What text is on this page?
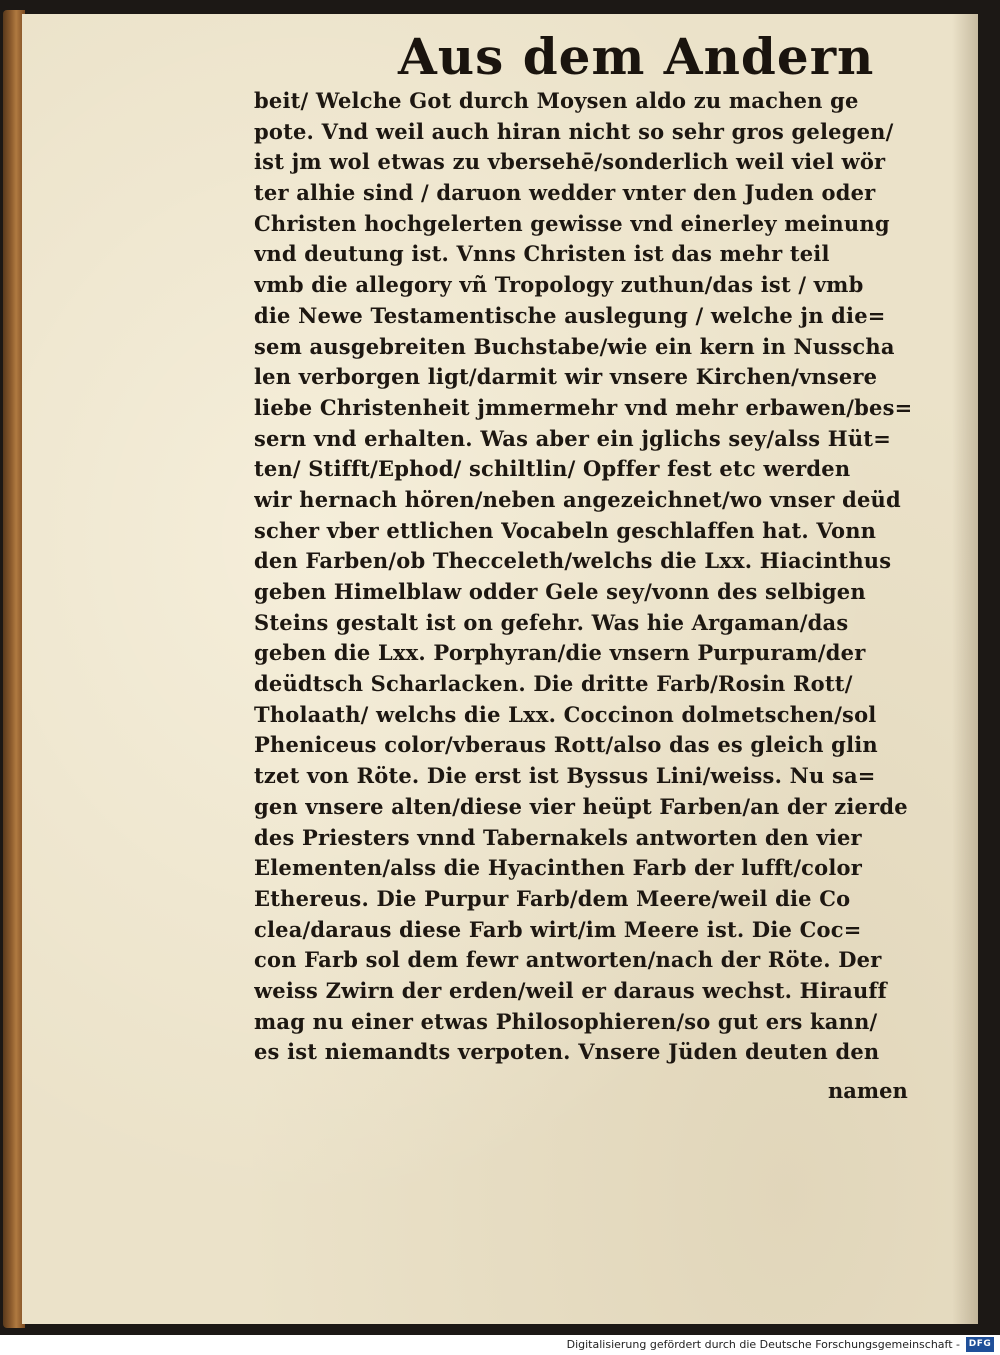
Aus dem Andern
beit/ Welche Got durch Moysen aldo zu machen ge
pote. Vnd weil auch hiran nicht so sehr gros gelegen/
ist jm wol etwas zu vbersehē/sonderlich weil viel wör
ter alhie sind / daruon wedder vnter den Juden oder
Christen hochgelerten gewisse vnd einerley meinung
vnd deutung ist. Vnns Christen ist das mehr teil
vmb die allegory vñ Tropology zuthun/das ist / vmb
die Newe Testamentische auslegung / welche jn die=
sem ausgebreiten Buchstabe/wie ein kern in Nusscha
len verborgen ligt/darmit wir vnsere Kirchen/vnsere
liebe Christenheit jmmermehr vnd mehr erbawen/bes=
sern vnd erhalten. Was aber ein jglichs sey/alss Hüt=
ten/ Stifft/Ephod/ schiltlin/ Opffer fest etc werden
wir hernach hören/neben angezeichnet/wo vnser deüd
scher vber ettlichen Vocabeln geschlaffen hat. Vonn
den Farben/ob Thecceleth/welchs die Lxx. Hiacinthus
geben Himelblaw odder Gele sey/vonn des selbigen
Steins gestalt ist on gefehr. Was hie Argaman/das
geben die Lxx. Porphyran/die vnsern Purpuram/der
deüdtsch Scharlacken. Die dritte Farb/Rosin Rott/
Tholaath/ welchs die Lxx. Coccinon dolmetschen/sol
Pheniceus color/vberaus Rott/also das es gleich glin
tzet von Röte. Die erst ist Byssus Lini/weiss. Nu sa=
gen vnsere alten/diese vier heüpt Farben/an der zierde
des Priesters vnnd Tabernakels antworten den vier
Elementen/alss die Hyacinthen Farb der lufft/color
Ethereus. Die Purpur Farb/dem Meere/weil die Co
clea/daraus diese Farb wirt/im Meere ist. Die Coc=
con Farb sol dem fewr antworten/nach der Röte. Der
weiss Zwirn der erden/weil er daraus wechst. Hirauff
mag nu einer etwas Philosophieren/so gut ers kann/
es ist niemandts verpoten. Vnsere Jüden deuten den

namen

Digitalisierung gefördert durch die Deutsche Forschungsgemeinschaft - DFG
